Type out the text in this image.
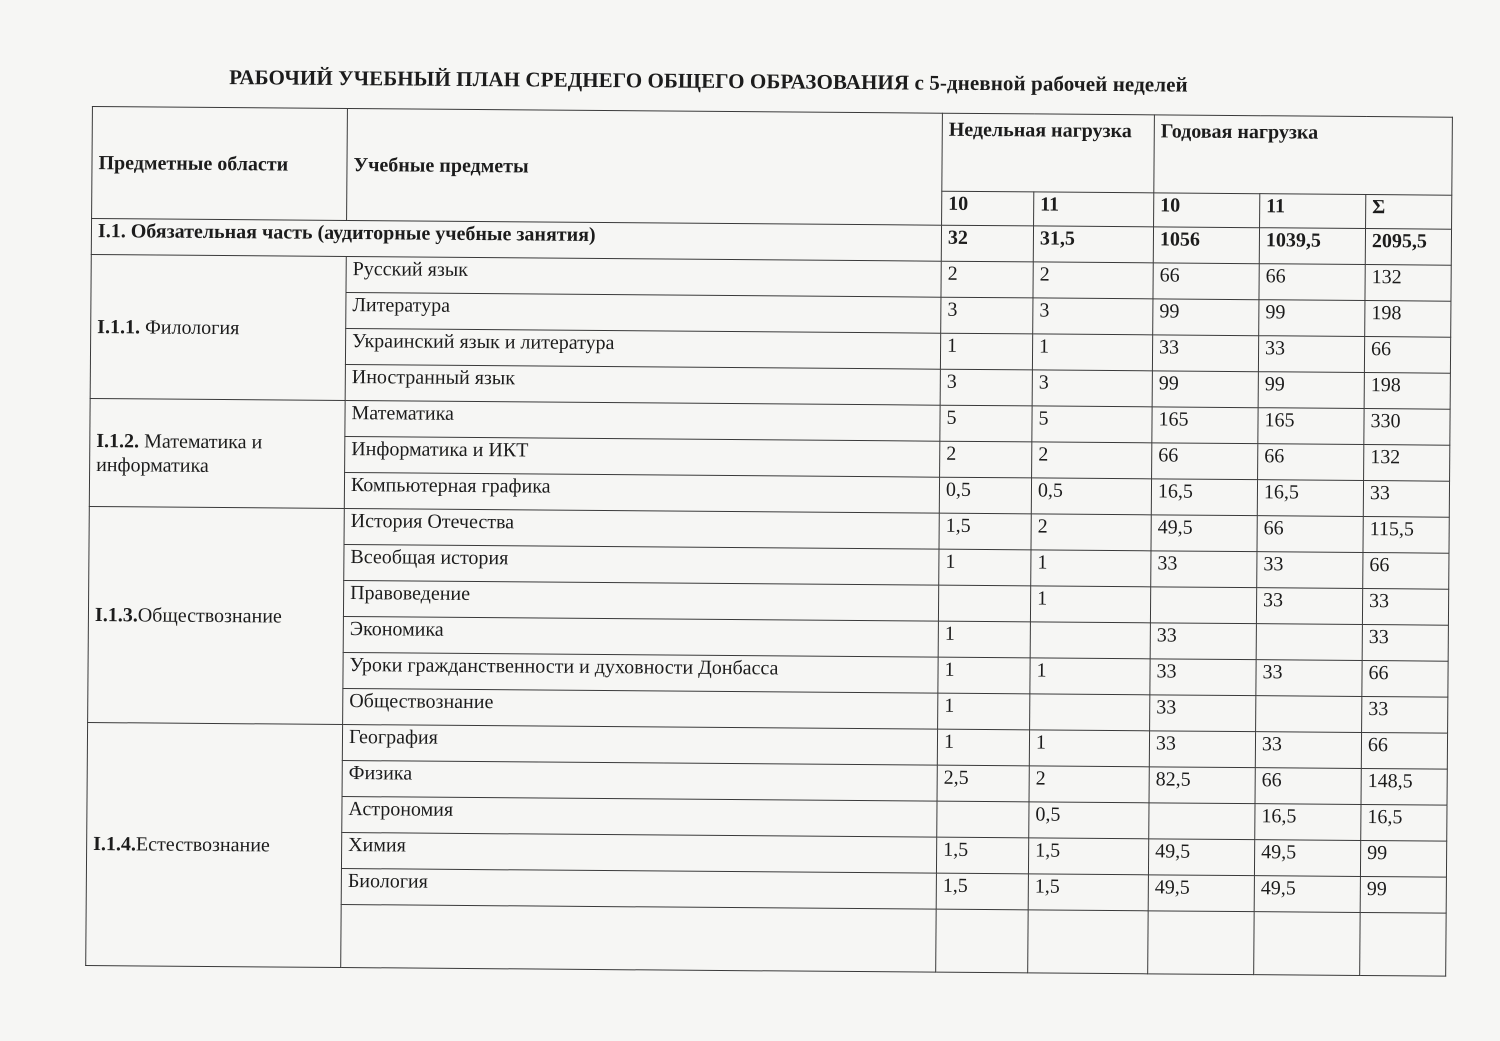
РАБОЧИЙ УЧЕБНЫЙ ПЛАН СРЕДНЕГО ОБЩЕГО ОБРАЗОВАНИЯ с 5-дневной рабочей неделей
Предметные области	Учебные предметы	Недельная нагрузка		Годовая нагрузка		
		10	11	10	11	Σ
I.1. Обязательная часть (аудиторные учебные занятия)		32	31,5	1056	1039,5	2095,5
I.1.1. Филология	Русский язык	2	2	66	66	132
	Литература	3	3	99	99	198
	Украинский язык и литература	1	1	33	33	66
	Иностранный язык	3	3	99	99	198
I.1.2. Математика и информатика	Математика	5	5	165	165	330
	Информатика и ИКТ	2	2	66	66	132
	Компьютерная графика	0,5	0,5	16,5	16,5	33
I.1.3.Обществознание	История Отечества	1,5	2	49,5	66	115,5
	Всеобщая история	1	1	33	33	66
	Правоведение		1		33	33
	Экономика	1		33		33
	Уроки гражданственности и духовности Донбасса	1	1	33	33	66
	Обществознание	1		33		33
I.1.4.Естествознание	География	1	1	33	33	66
	Физика	2,5	2	82,5	66	148,5
	Астрономия		0,5		16,5	16,5
	Химия	1,5	1,5	49,5	49,5	99
	Биология	1,5	1,5	49,5	49,5	99
